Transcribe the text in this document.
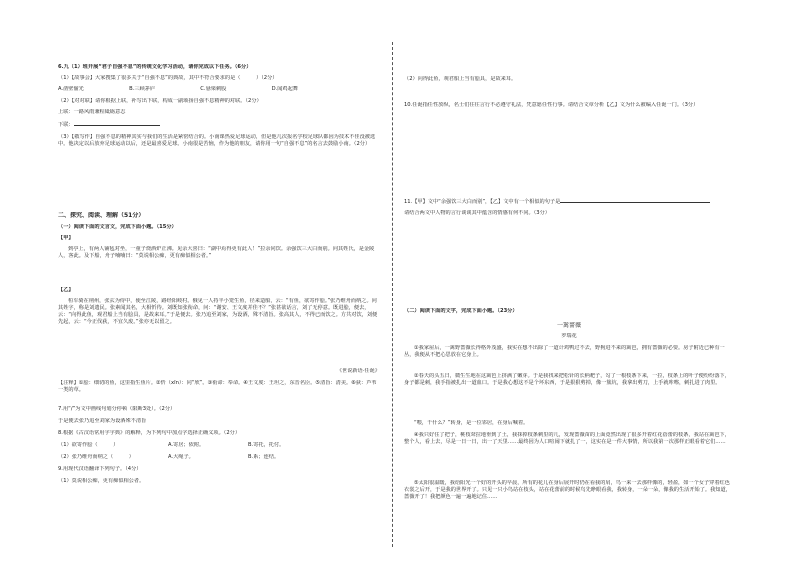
6.九（1）班开展“君子自强不息”的传统文化学习活动，请你完成以下任务。（6分）
（1）【故事会】大家搜集了很多关于“自强不息”的典故，其中不符合要求的是（　　　）（2分）
A.凿壁偷光	B.三顾茅庐	C.悬梁刺股	D.闻鸡起舞
（2）【对对联】请你根据上联，补写出下联，构成一副颂扬自强不息精神的对联。（2分）
上联：一路风雨兼程砥砺意志
下联：
（3）【敬写作】自强不息的精神其实与我们的生活是紧密结合的。小南课热爱足球运动，但是他几次报名学校足球队都因为技术不佳没被选中。他决定以后放弃足球运动以后，还是最喜爱足球。小南很是苦恼，作为他的朋友，请你用一句“自强不息”的名言去鼓励小南。（2分）
二、探究、阅读、理解（51分）
（一）阅读下面的文言文，完成下面小题。（15分）
【甲】
到亭上，有两人铺毡对坐，一童子烧酒炉正沸。见余大喜曰：“湖中焉得更有此人！”拉余同饮。余强饮三大白而别。问其姓氏，是金陵人，客此。及下船，舟子喃喃曰：“莫说相公痴，更有痴似相公者。”
【乙】
桓车骑在荆州，张玄为侍中，使至江陵，路经阳岐村。俄见一人持半小笼生鱼，径来造船，云：“有鱼，欲寄作脍。”张乃维舟而纳之。问其姓字，称是刘遗民。张素闻其名，大相忻待。刘既知张衔命，问：“谢安、王文度并佳不？”张甚欲话言，刘了无停意。既进脍，便去，云：“向得此鱼，观君船上当有脍具，是故来耳。”于是便去。张乃追至刘家，为设酒，殊不清旨。张高其人，不得已而饮之。方共对饮，刘便先起，云：“今正伐荻，不宜久废。”张亦无以留之。
《世说新语·任诞》
【注释】①脍：细切的鱼，这里指生鱼片。②忻（xīn）：同“欣”。③衔命：奉命。④王文度：王坦之，东晋名臣。⑤清旨：清美。⑥荻：芦苇一类的草。
7.用“/”为文中画线句划分停顿（限断3处）。（2分）
于是便去张乃追至刘家为设酒殊不清旨
8.根据《古汉语常用字字典》的解释，为下列句中加点字选择正确义项。（2分）
（1）欲寄作脍（　　　）	A.寄居；依附。	B.寄托，托付。
（2）张乃维舟而纳之（　　　）	A.大绳子。	B.系；连结。
9.用现代汉语翻译下列句子。（4分）
（1）莫说相公痴，更有痴似相公者。
（2）向得此鱼，观君船上当有脍具，是故来耳。
10.任诞指任性放纵，名士们往往言行不必遵守礼法，凭意愿任性行事。请结合文章分析【乙】文为什么被编入任诞一门。（3分）
11.【甲】文中“余强饮三大白而别”，【乙】文中有一个相似的句子是
请结合两文中人物的言行谈谈其中蕴含的情感有何不同。（3分）
（二）阅读下面的文字，完成下面小题。（23分）
一篱蔷薇
罗瑞花
①我家屋后，一篱野蔷薇长得格外茂盛，我实在想不出除了一道计鸡鸭过不去，野狗进不来的篱笆，拥有蔷薇的必要。房子附近已种有一丛，我便从不把心思放在它身上。
②春天的头五日，微生生地在这篱笆上挤满了嫩芽。于是我找来把松针的长柄耙子，勾了一根枝条下来，一拉，枝条上的叶子便纷纷落下，身子都是刺，我手指被扎出一道血口。于是我心想这不是个坏东西，于是狠狠剪掉，像一簇坑，我拿出剪刀，上手就咔嚓，刺扎进了肉里。
“喂，干什么？”转身，是一位邻居，在身后喊着。
④我只好住了把子，桃枝耷拉地垂到了土，我抹掉枝条刺里的几，发现蔷薇苗的上面竟然出现了很多开着红花蓓蕾的枝条，我站在篱笆下，整个人，看上去，尽是一日一日，出一了天里……最终因为人口喧闹下就扎了一，这实在是一件大事情，所以我第一次那样正眼看着它们……
⑤太阳很温暖，我给阳光一个好的开头的早晨，所有的花儿在身后展开时仍在看我的肩，鸟一来一去那样像的，轻盈，如一个女子穿着红色衣裳之后开，于是我的世界开了。只见一只小鸟站在枝头，站在花蕾前的时候鸟先睁眼看我，我转身，一朵一朵，像我的生活开始了。我知道，蔷薇开了！我把颜色一遍一遍地记住……
